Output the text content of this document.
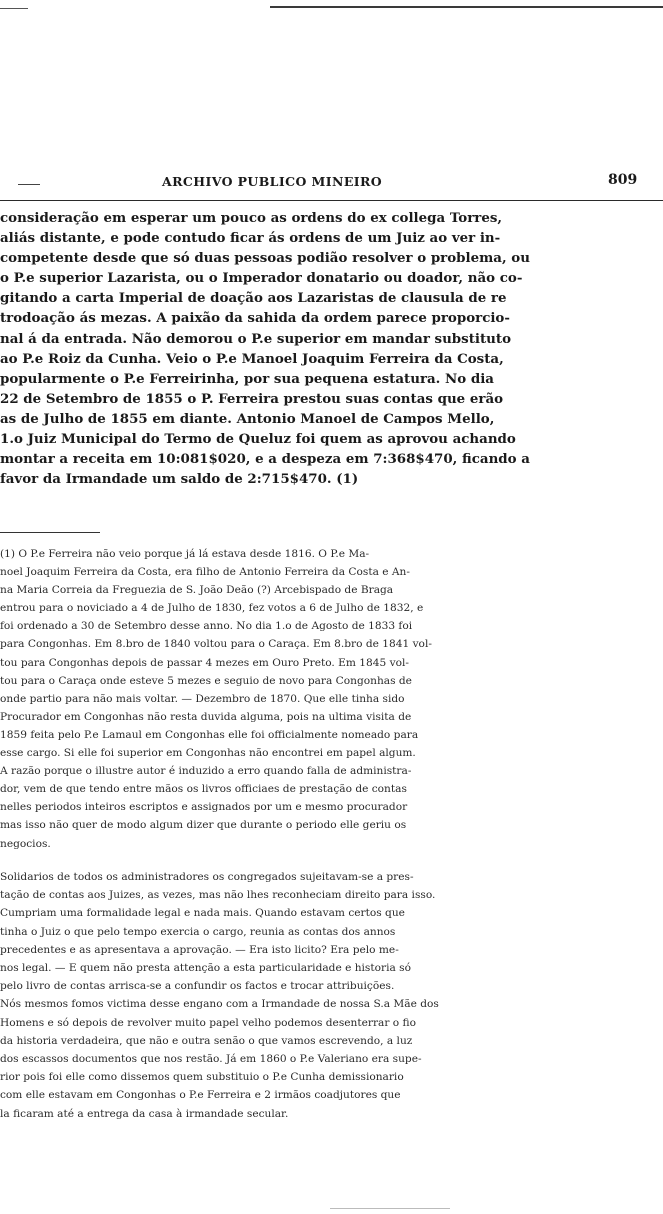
ARCHIVO PUBLICO MINEIRO	809
consideração em esperar um pouco as ordens do ex collega Torres,
aliás distante, e pode contudo ficar ás ordens de um Juiz ao ver in-
competente desde que só duas pessoas podião resolver o problema, ou
o P.e superior Lazarista, ou o Imperador donatario ou doador, não co-
gitando a carta Imperial de doação aos Lazaristas de clausula de re
trodoação ás mezas. A paixão da sahida da ordem parece proporcio-
nal á da entrada. Não demorou o P.e superior em mandar substituto
ao P.e Roiz da Cunha. Veio o P.e Manoel Joaquim Ferreira da Costa,
popularmente o P.e Ferreirinha, por sua pequena estatura. No dia
22 de Setembro de 1855 o P. Ferreira prestou suas contas que erão
as de Julho de 1855 em diante. Antonio Manoel de Campos Mello,
1.o Juiz Municipal do Termo de Queluz foi quem as aprovou achando
montar a receita em 10:081$020, e a despeza em 7:368$470, ficando a
favor da Irmandade um saldo de 2:715$470. (1)
(1) O P.e Ferreira não veio porque já lá estava desde 1816. O P.e Ma-
noel Joaquim Ferreira da Costa, era filho de Antonio Ferreira da Costa e An-
na Maria Correia da Freguezia de S. João Deão (?) Arcebispado de Braga
entrou para o noviciado a 4 de Julho de 1830, fez votos a 6 de Julho de 1832, e
foi ordenado a 30 de Setembro desse anno. No dia 1.o de Agosto de 1833 foi
para Congonhas. Em 8.bro de 1840 voltou para o Caraça. Em 8.bro de 1841 vol-
tou para Congonhas depois de passar 4 mezes em Ouro Preto. Em 1845 vol-
tou para o Caraça onde esteve 5 mezes e seguio de novo para Congonhas de
onde partio para não mais voltar. — Dezembro de 1870. Que elle tinha sido
Procurador em Congonhas não resta duvida alguma, pois na ultima visita de
1859 feita pelo P.e Lamaul em Congonhas elle foi officialmente nomeado para
esse cargo. Si elle foi superior em Congonhas não encontrei em papel algum.
A razão porque o illustre autor é induzido a erro quando falla de administra-
dor, vem de que tendo entre mãos os livros officiaes de prestação de contas
nelles periodos inteiros escriptos e assignados por um e mesmo procurador
mas isso não quer de modo algum dizer que durante o periodo elle geriu os
negocios.
Solidarios de todos os administradores os congregados sujeitavam-se a pres-
tação de contas aos Juizes, as vezes, mas não lhes reconheciam direito para isso.
Cumpriam uma formalidade legal e nada mais. Quando estavam certos que
tinha o Juiz o que pelo tempo exercia o cargo, reunia as contas dos annos
precedentes e as apresentava a aprovação. — Era isto licito? Era pelo me-
nos legal. — E quem não presta attenção a esta particularidade e historia só
pelo livro de contas arrisca-se a confundir os factos e trocar attribuições.
Nós mesmos fomos victima desse engano com a Irmandade de nossa S.a Mãe dos
Homens e só depois de revolver muito papel velho podemos desenterrar o fio
da historia verdadeira, que não e outra senão o que vamos escrevendo, a luz
dos escassos documentos que nos restão. Já em 1860 o P.e Valeriano era supe-
rior pois foi elle como dissemos quem substituio o P.e Cunha demissionario
com elle estavam em Congonhas o P.e Ferreira e 2 irmãos coadjutores que
la ficaram até a entrega da casa à irmandade secular.
